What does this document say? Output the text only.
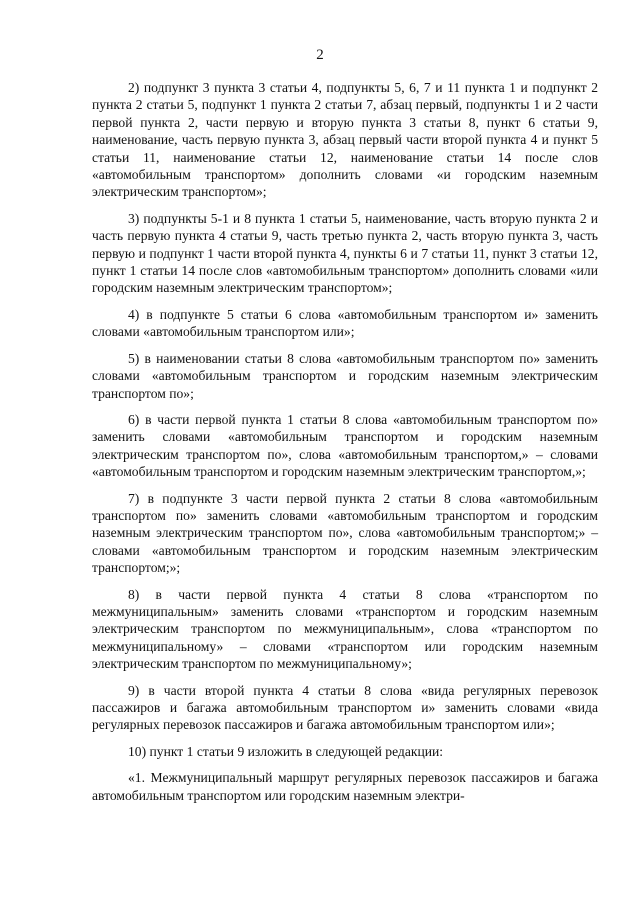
2

2) подпункт 3 пункта 3 статьи 4, подпункты 5, 6, 7 и 11 пункта 1 и подпункт 2 пункта 2 статьи 5, подпункт 1 пункта 2 статьи 7, абзац первый, подпункты 1 и 2 части первой пункта 2, части первую и вторую пункта 3 статьи 8, пункт 6 статьи 9, наименование, часть первую пункта 3, абзац первый части второй пункта 4 и пункт 5 статьи 11, наименование статьи 12, наименование статьи 14 после слов «автомобильным транспортом» дополнить словами «и городским наземным электрическим транспортом»;

3) подпункты 5-1 и 8 пункта 1 статьи 5, наименование, часть вторую пункта 2 и часть первую пункта 4 статьи 9, часть третью пункта 2, часть вторую пункта 3, часть первую и подпункт 1 части второй пункта 4, пункты 6 и 7 статьи 11, пункт 3 статьи 12, пункт 1 статьи 14 после слов «автомобильным транспортом» дополнить словами «или городским наземным электрическим транспортом»;

4) в подпункте 5 статьи 6 слова «автомобильным транспортом и» заменить словами «автомобильным транспортом или»;

5) в наименовании статьи 8 слова «автомобильным транспортом по» заменить словами «автомобильным транспортом и городским наземным электрическим транспортом по»;

6) в части первой пункта 1 статьи 8 слова «автомобильным транспортом по» заменить словами «автомобильным транспортом и городским наземным электрическим транспортом по», слова «автомобильным транспортом,» – словами «автомобильным транспортом и городским наземным электрическим транспортом,»;

7) в подпункте 3 части первой пункта 2 статьи 8 слова «автомобильным транспортом по» заменить словами «автомобильным транспортом и городским наземным электрическим транспортом по», слова «автомобильным транспортом;» – словами «автомобильным транспортом и городским наземным электрическим транспортом;»;

8) в части первой пункта 4 статьи 8 слова «транспортом по межмуниципальным» заменить словами «транспортом и городским наземным электрическим транспортом по межмуниципальным», слова «транспортом по межмуниципальному» – словами «транспортом или городским наземным электрическим транспортом по межмуниципальному»;

9) в части второй пункта 4 статьи 8 слова «вида регулярных перевозок пассажиров и багажа автомобильным транспортом и» заменить словами «вида регулярных перевозок пассажиров и багажа автомобильным транспортом или»;

10) пункт 1 статьи 9 изложить в следующей редакции:

«1. Межмуниципальный маршрут регулярных перевозок пассажиров и багажа автомобильным транспортом или городским наземным электри-
